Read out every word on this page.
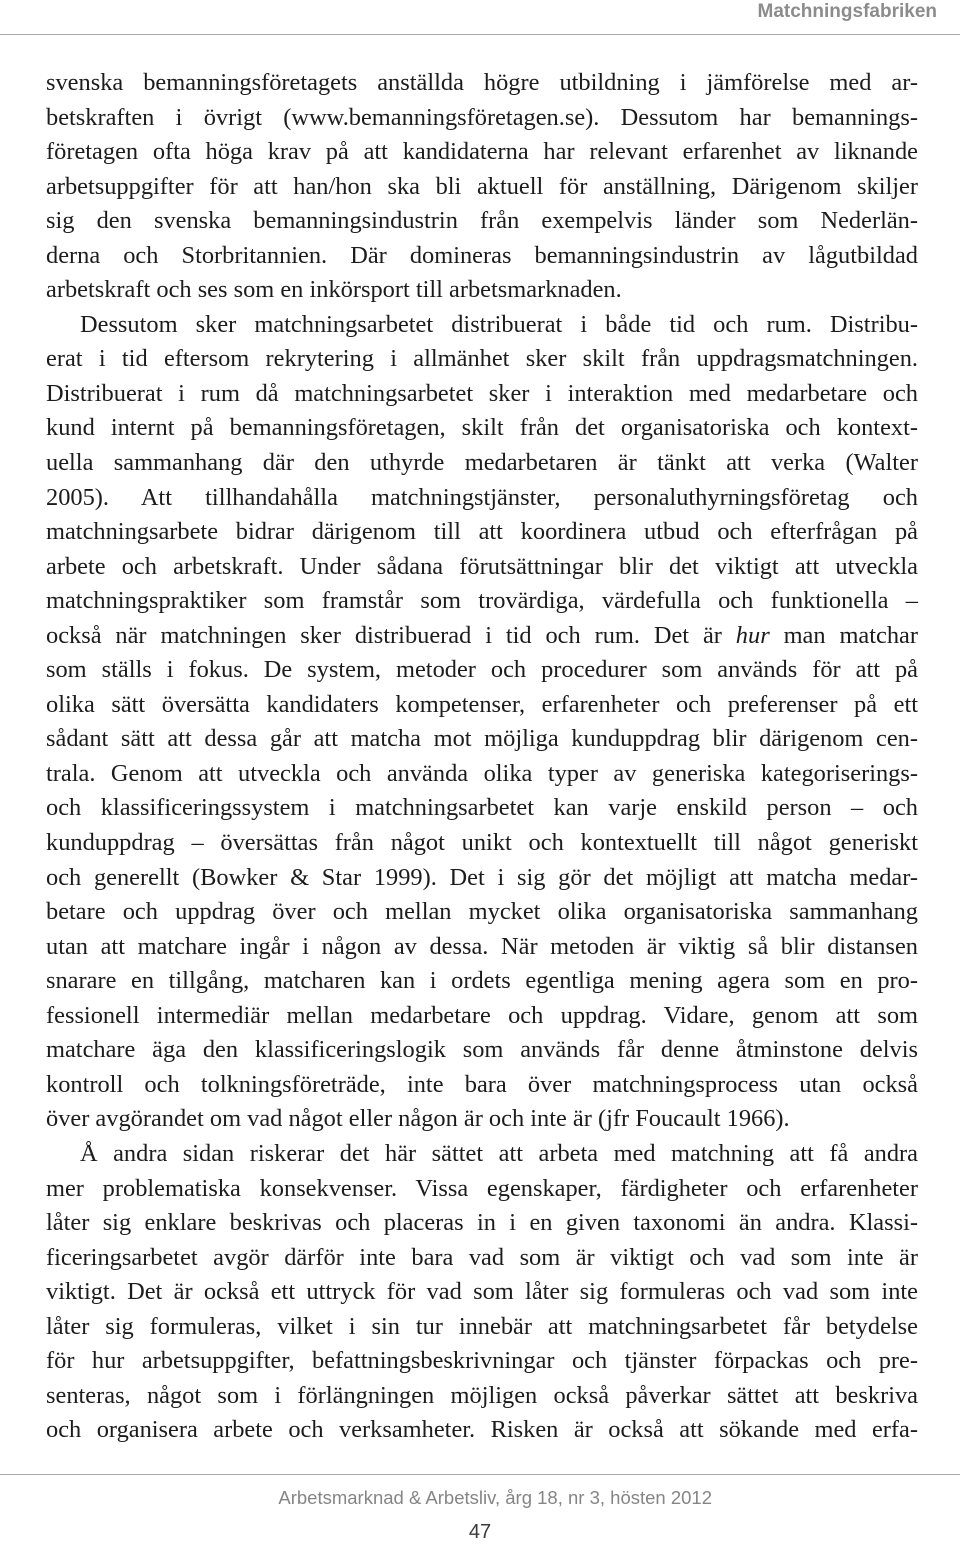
Matchningsfabriken
svenska bemanningsföretagets anställda högre utbildning i jämförelse med ar-
betskraften i övrigt (www.bemanningsföretagen.se). Dessutom har bemannings-
företagen ofta höga krav på att kandidaterna har relevant erfarenhet av liknande
arbetsuppgifter för att han/hon ska bli aktuell för anställning, Därigenom skiljer
sig den svenska bemanningsindustrin från exempelvis länder som Nederlän-
derna och Storbritannien. Där domineras bemanningsindustrin av lågutbildad
arbetskraft och ses som en inkörsport till arbetsmarknaden.
Dessutom sker matchningsarbetet distribuerat i både tid och rum. Distribu-
erat i tid eftersom rekrytering i allmänhet sker skilt från uppdragsmatchningen.
Distribuerat i rum då matchningsarbetet sker i interaktion med medarbetare och
kund internt på bemanningsföretagen, skilt från det organisatoriska och kontext-
uella sammanhang där den uthyrde medarbetaren är tänkt att verka (Walter
2005). Att tillhandahålla matchningstjänster, personaluthyrningsföretag och
matchningsarbete bidrar därigenom till att koordinera utbud och efterfrågan på
arbete och arbetskraft. Under sådana förutsättningar blir det viktigt att utveckla
matchningspraktiker som framstår som trovärdiga, värdefulla och funktionella –
också när matchningen sker distribuerad i tid och rum. Det är hur man matchar
som ställs i fokus. De system, metoder och procedurer som används för att på
olika sätt översätta kandidaters kompetenser, erfarenheter och preferenser på ett
sådant sätt att dessa går att matcha mot möjliga kunduppdrag blir därigenom cen-
trala. Genom att utveckla och använda olika typer av generiska kategoriserings-
och klassificeringssystem i matchningsarbetet kan varje enskild person – och
kunduppdrag – översättas från något unikt och kontextuellt till något generiskt
och generellt (Bowker & Star 1999). Det i sig gör det möjligt att matcha medar-
betare och uppdrag över och mellan mycket olika organisatoriska sammanhang
utan att matchare ingår i någon av dessa. När metoden är viktig så blir distansen
snarare en tillgång, matcharen kan i ordets egentliga mening agera som en pro-
fessionell intermediär mellan medarbetare och uppdrag. Vidare, genom att som
matchare äga den klassificeringslogik som används får denne åtminstone delvis
kontroll och tolkningsföreträde, inte bara över matchningsprocess utan också
över avgörandet om vad något eller någon är och inte är (jfr Foucault 1966).
Å andra sidan riskerar det här sättet att arbeta med matchning att få andra
mer problematiska konsekvenser. Vissa egenskaper, färdigheter och erfarenheter
låter sig enklare beskrivas och placeras in i en given taxonomi än andra. Klassi-
ficeringsarbetet avgör därför inte bara vad som är viktigt och vad som inte är
viktigt. Det är också ett uttryck för vad som låter sig formuleras och vad som inte
låter sig formuleras, vilket i sin tur innebär att matchningsarbetet får betydelse
för hur arbetsuppgifter, befattningsbeskrivningar och tjänster förpackas och pre-
senteras, något som i förlängningen möjligen också påverkar sättet att beskriva
och organisera arbete och verksamheter. Risken är också att sökande med erfa-
Arbetsmarknad & Arbetsliv, årg 18, nr 3, hösten 2012
47
